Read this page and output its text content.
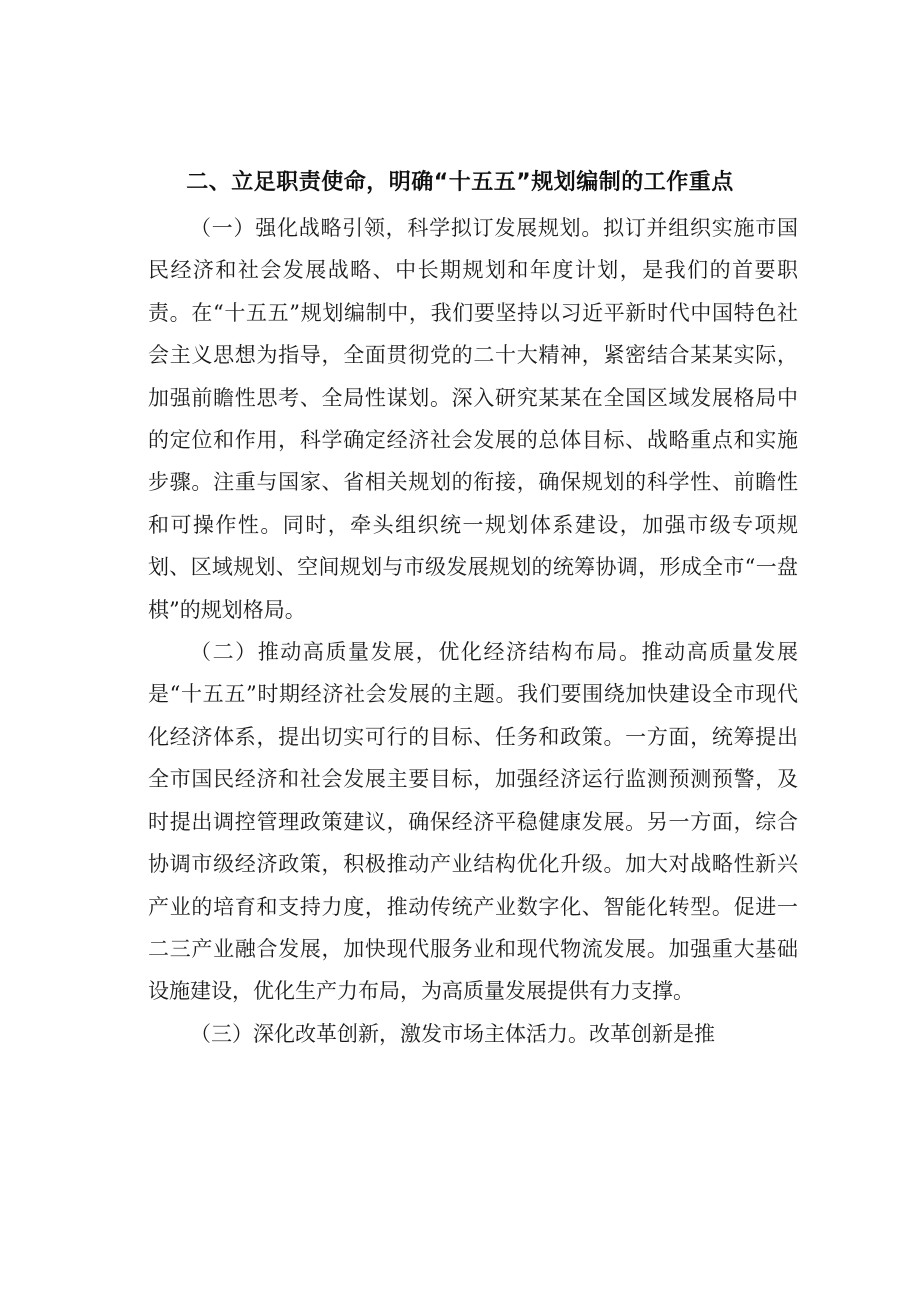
二、立足职责使命，明确“十五五”规划编制的工作重点

（一）强化战略引领，科学拟订发展规划。拟订并组织实施市国民经济和社会发展战略、中长期规划和年度计划，是我们的首要职责。在“十五五”规划编制中，我们要坚持以习近平新时代中国特色社会主义思想为指导，全面贯彻党的二十大精神，紧密结合某某实际，加强前瞻性思考、全局性谋划。深入研究某某在全国区域发展格局中的定位和作用，科学确定经济社会发展的总体目标、战略重点和实施步骤。注重与国家、省相关规划的衔接，确保规划的科学性、前瞻性和可操作性。同时，牵头组织统一规划体系建设，加强市级专项规划、区域规划、空间规划与市级发展规划的统筹协调，形成全市“一盘棋”的规划格局。

（二）推动高质量发展，优化经济结构布局。推动高质量发展是“十五五”时期经济社会发展的主题。我们要围绕加快建设全市现代化经济体系，提出切实可行的目标、任务和政策。一方面，统筹提出全市国民经济和社会发展主要目标，加强经济运行监测预测预警，及时提出调控管理政策建议，确保经济平稳健康发展。另一方面，综合协调市级经济政策，积极推动产业结构优化升级。加大对战略性新兴产业的培育和支持力度，推动传统产业数字化、智能化转型。促进一二三产业融合发展，加快现代服务业和现代物流发展。加强重大基础设施建设，优化生产力布局，为高质量发展提供有力支撑。

（三）深化改革创新，激发市场主体活力。改革创新是推
